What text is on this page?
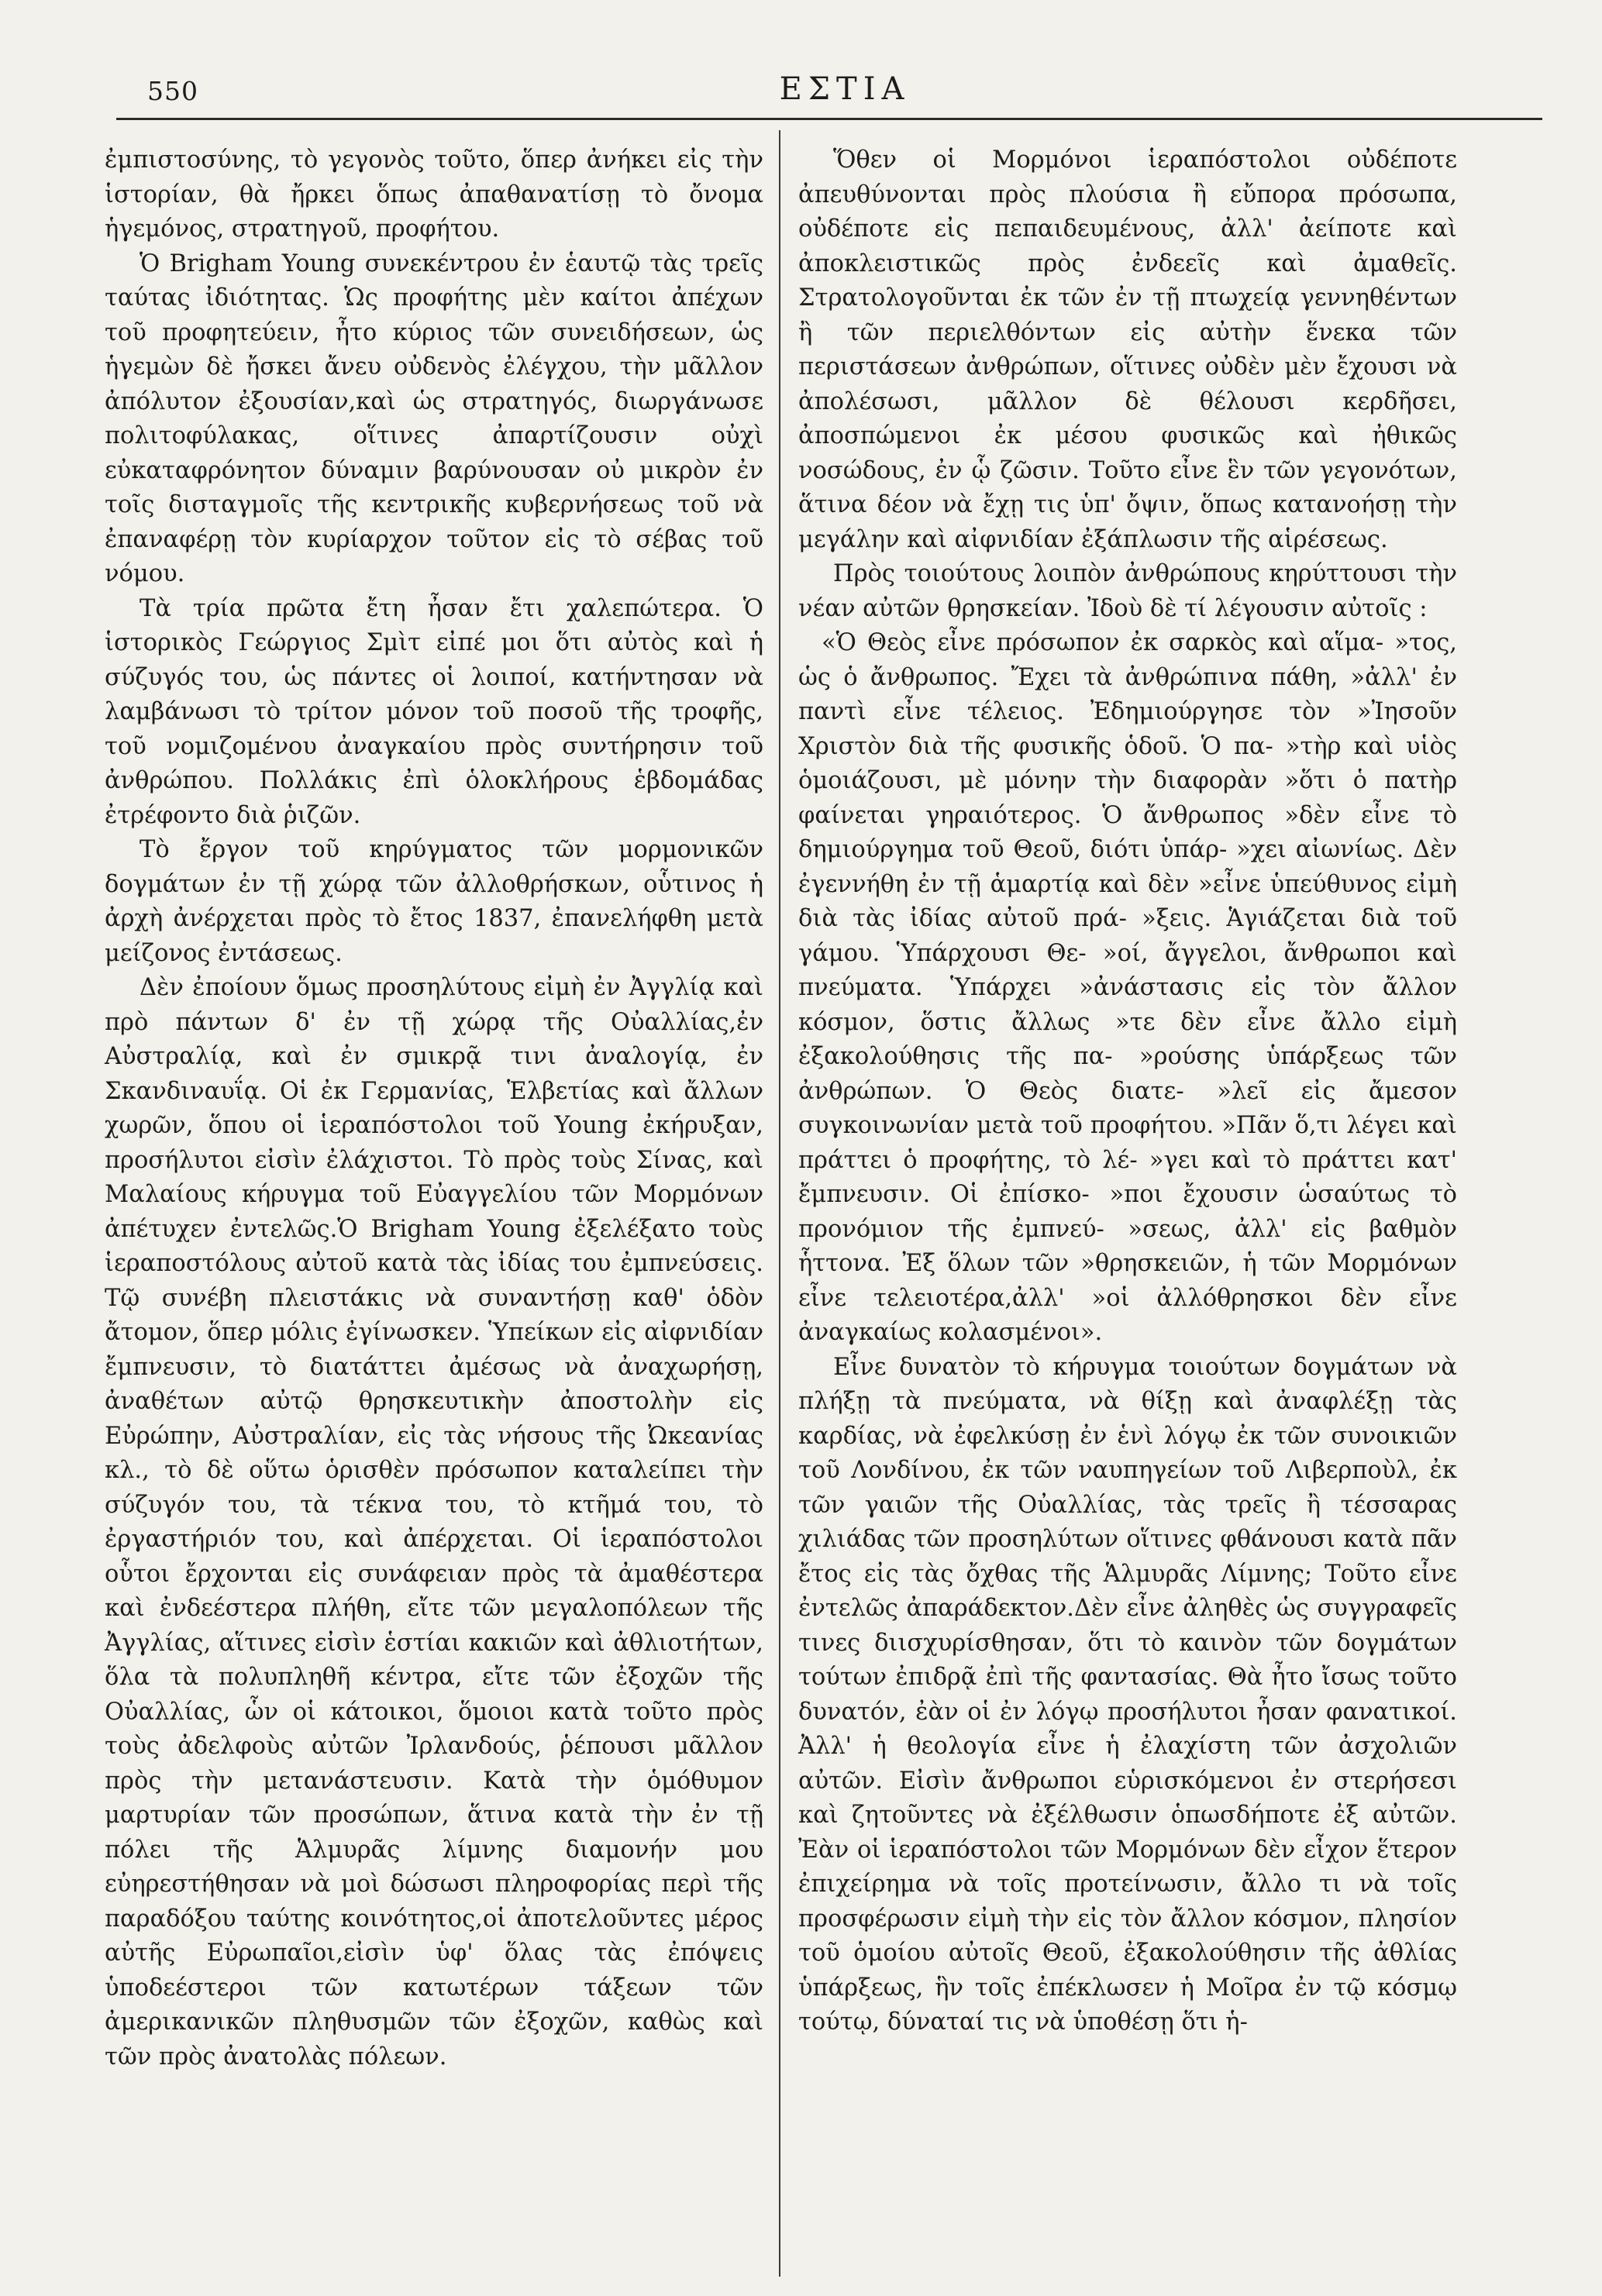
550	ΕΣΤΙΑ

ἐμπιστοσύνης, τὸ γεγονὸς τοῦτο, ὅπερ ἀνήκει εἰς τὴν ἱστορίαν, θὰ ἤρκει ὅπως ἀπαθανατίσῃ τὸ ὄνομα ἡγεμόνος, στρατηγοῦ, προφήτου.

Ὁ Brigham Young συνεκέντρου ἐν ἑαυτῷ τὰς τρεῖς ταύτας ἰδιότητας. Ὡς προφήτης μὲν καίτοι ἀπέχων τοῦ προφητεύειν, ἦτο κύριος τῶν συνειδήσεων, ὡς ἡγεμὼν δὲ ἤσκει ἄνευ οὐδενὸς ἐλέγχου, τὴν μᾶλλον ἀπόλυτον ἐξουσίαν,καὶ ὡς στρατηγός, διωργάνωσε πολιτοφύλακας, οἵτινες ἀπαρτίζουσιν οὐχὶ εὐκαταφρόνητον δύναμιν βαρύνουσαν οὐ μικρὸν ἐν τοῖς δισταγμοῖς τῆς κεντρικῆς κυβερνήσεως τοῦ νὰ ἐπαναφέρῃ τὸν κυρίαρχον τοῦτον εἰς τὸ σέβας τοῦ νόμου.

Τὰ τρία πρῶτα ἔτη ἦσαν ἔτι χαλεπώτερα. Ὁ ἱστορικὸς Γεώργιος Σμὶτ εἰπέ μοι ὅτι αὐτὸς καὶ ἡ σύζυγός του, ὡς πάντες οἱ λοιποί, κατήντησαν νὰ λαμβάνωσι τὸ τρίτον μόνον τοῦ ποσοῦ τῆς τροφῆς, τοῦ νομιζομένου ἀναγκαίου πρὸς συντήρησιν τοῦ ἀνθρώπου. Πολλάκις ἐπὶ ὁλοκλήρους ἑβδομάδας ἐτρέφοντο διὰ ῥιζῶν.

Τὸ ἔργον τοῦ κηρύγματος τῶν μορμονικῶν δογμάτων ἐν τῇ χώρᾳ τῶν ἀλλοθρήσκων, οὗτινος ἡ ἀρχὴ ἀνέρχεται πρὸς τὸ ἔτος 1837, ἐπανελήφθη μετὰ μείζονος ἐντάσεως.

Δὲν ἐποίουν ὅμως προσηλύτους εἰμὴ ἐν Ἀγγλίᾳ καὶ πρὸ πάντων δ' ἐν τῇ χώρᾳ τῆς Οὐαλλίας,ἐν Αὐστραλίᾳ, καὶ ἐν σμικρᾷ τινι ἀναλογίᾳ, ἐν Σκανδιναυΐᾳ. Οἱ ἐκ Γερμανίας, Ἑλβετίας καὶ ἄλλων χωρῶν, ὅπου οἱ ἱεραπόστολοι τοῦ Young ἐκήρυξαν, προσήλυτοι εἰσὶν ἐλάχιστοι. Τὸ πρὸς τοὺς Σίνας, καὶ Μαλαίους κήρυγμα τοῦ Εὐαγγελίου τῶν Μορμόνων ἀπέτυχεν ἐντελῶς.Ὁ Brigham Young ἐξελέξατο τοὺς ἱεραποστόλους αὐτοῦ κατὰ τὰς ἰδίας του ἐμπνεύσεις. Τῷ συνέβη πλειστάκις νὰ συναντήσῃ καθ' ὁδὸν ἄτομον, ὅπερ μόλις ἐγίνωσκεν. Ὑπείκων εἰς αἰφνιδίαν ἔμπνευσιν, τὸ διατάττει ἀμέσως νὰ ἀναχωρήσῃ, ἀναθέτων αὐτῷ θρησκευτικὴν ἀποστολὴν εἰς Εὐρώπην, Αὐστραλίαν, εἰς τὰς νήσους τῆς Ὠκεανίας κλ., τὸ δὲ οὕτω ὁρισθὲν πρόσωπον καταλείπει τὴν σύζυγόν του, τὰ τέκνα του, τὸ κτῆμά του, τὸ ἐργαστήριόν του, καὶ ἀπέρχεται. Οἱ ἱεραπόστολοι οὗτοι ἔρχονται εἰς συνάφειαν πρὸς τὰ ἀμαθέστερα καὶ ἐνδεέστερα πλήθη, εἴτε τῶν μεγαλοπόλεων τῆς Ἀγγλίας, αἵτινες εἰσὶν ἑστίαι κακιῶν καὶ ἀθλιοτήτων, ὅλα τὰ πολυπληθῆ κέντρα, εἴτε τῶν ἐξοχῶν τῆς Οὐαλλίας, ὧν οἱ κάτοικοι, ὅμοιοι κατὰ τοῦτο πρὸς τοὺς ἀδελφοὺς αὐτῶν Ἰρλανδούς, ῥέπουσι μᾶλλον πρὸς τὴν μετανάστευσιν. Κατὰ τὴν ὁμόθυμον μαρτυρίαν τῶν προσώπων, ἅτινα κατὰ τὴν ἐν τῇ πόλει τῆς Ἁλμυρᾶς λίμνης διαμονήν μου εὐηρεστήθησαν νὰ μοὶ δώσωσι πληροφορίας περὶ τῆς παραδόξου ταύτης κοινότητος,οἱ ἀποτελοῦντες μέρος αὐτῆς Εὐρωπαῖοι,εἰσὶν ὑφ' ὅλας τὰς ἐπόψεις ὑποδεέστεροι τῶν κατωτέρων τάξεων τῶν ἀμερικανικῶν πληθυσμῶν τῶν ἐξοχῶν, καθὼς καὶ τῶν πρὸς ἀνατολὰς πόλεων.

Ὅθεν οἱ Μορμόνοι ἱεραπόστολοι οὐδέποτε ἀπευθύνονται πρὸς πλούσια ἢ εὔπορα πρόσωπα, οὐδέποτε εἰς πεπαιδευμένους, ἀλλ' ἀείποτε καὶ ἀποκλειστικῶς πρὸς ἐνδεεῖς καὶ ἀμαθεῖς. Στρατολογοῦνται ἐκ τῶν ἐν τῇ πτωχείᾳ γεννηθέντων ἢ τῶν περιελθόντων εἰς αὐτὴν ἕνεκα τῶν περιστάσεων ἀνθρώπων, οἵτινες οὐδὲν μὲν ἔχουσι νὰ ἀπολέσωσι, μᾶλλον δὲ θέλουσι κερδῆσει, ἀποσπώμενοι ἐκ μέσου φυσικῶς καὶ ἠθικῶς νοσώδους, ἐν ᾧ ζῶσιν. Τοῦτο εἶνε ἓν τῶν γεγονότων, ἅτινα δέον νὰ ἔχῃ τις ὑπ' ὄψιν, ὅπως κατανοήσῃ τὴν μεγάλην καὶ αἰφνιδίαν ἐξάπλωσιν τῆς αἱρέσεως.

Πρὸς τοιούτους λοιπὸν ἀνθρώπους κηρύττουσι τὴν νέαν αὐτῶν θρησκείαν. Ἰδοὺ δὲ τί λέγουσιν αὐτοῖς :

«Ὁ Θεὸς εἶνε πρόσωπον ἐκ σαρκὸς καὶ αἵμα- »τος, ὡς ὁ ἄνθρωπος. Ἔχει τὰ ἀνθρώπινα πάθη, »ἀλλ' ἐν παντὶ εἶνε τέλειος. Ἐδημιούργησε τὸν »Ἰησοῦν Χριστὸν διὰ τῆς φυσικῆς ὁδοῦ. Ὁ πα- »τὴρ καὶ υἱὸς ὁμοιάζουσι, μὲ μόνην τὴν διαφορὰν »ὅτι ὁ πατὴρ φαίνεται γηραιότερος. Ὁ ἄνθρωπος »δὲν εἶνε τὸ δημιούργημα τοῦ Θεοῦ, διότι ὑπάρ- »χει αἰωνίως. Δὲν ἐγεννήθη ἐν τῇ ἁμαρτίᾳ καὶ δὲν »εἶνε ὑπεύθυνος εἰμὴ διὰ τὰς ἰδίας αὐτοῦ πρά- »ξεις. Ἁγιάζεται διὰ τοῦ γάμου. Ὑπάρχουσι Θε- »οί, ἄγγελοι, ἄνθρωποι καὶ πνεύματα. Ὑπάρχει »ἀνάστασις εἰς τὸν ἄλλον κόσμον, ὅστις ἄλλως »τε δὲν εἶνε ἄλλο εἰμὴ ἐξακολούθησις τῆς πα- »ρούσης ὑπάρξεως τῶν ἀνθρώπων. Ὁ Θεὸς διατε- »λεῖ εἰς ἄμεσον συγκοινωνίαν μετὰ τοῦ προφήτου. »Πᾶν ὅ,τι λέγει καὶ πράττει ὁ προφήτης, τὸ λέ- »γει καὶ τὸ πράττει κατ' ἔμπνευσιν. Οἱ ἐπίσκο- »ποι ἔχουσιν ὡσαύτως τὸ προνόμιον τῆς ἐμπνεύ- »σεως, ἀλλ' εἰς βαθμὸν ἧττονα. Ἐξ ὅλων τῶν »θρησκειῶν, ἡ τῶν Μορμόνων εἶνε τελειοτέρα,ἀλλ' »οἱ ἀλλόθρησκοι δὲν εἶνε ἀναγκαίως κολασμένοι».

Εἶνε δυνατὸν τὸ κήρυγμα τοιούτων δογμάτων νὰ πλήξῃ τὰ πνεύματα, νὰ θίξῃ καὶ ἀναφλέξῃ τὰς καρδίας, νὰ ἐφελκύσῃ ἐν ἑνὶ λόγῳ ἐκ τῶν συνοικιῶν τοῦ Λονδίνου, ἐκ τῶν ναυπηγείων τοῦ Λιβερποὺλ, ἐκ τῶν γαιῶν τῆς Οὐαλλίας, τὰς τρεῖς ἢ τέσσαρας χιλιάδας τῶν προσηλύτων οἵτινες φθάνουσι κατὰ πᾶν ἔτος εἰς τὰς ὄχθας τῆς Ἁλμυρᾶς Λίμνης; Τοῦτο εἶνε ἐντελῶς ἀπαράδεκτον.Δὲν εἶνε ἀληθὲς ὡς συγγραφεῖς τινες διισχυρίσθησαν, ὅτι τὸ καινὸν τῶν δογμάτων τούτων ἐπιδρᾷ ἐπὶ τῆς φαντασίας. Θὰ ἦτο ἴσως τοῦτο δυνατόν, ἐὰν οἱ ἐν λόγῳ προσήλυτοι ἦσαν φανατικοί. Ἀλλ' ἡ θεολογία εἶνε ἡ ἐλαχίστη τῶν ἀσχολιῶν αὐτῶν. Εἰσὶν ἄνθρωποι εὑρισκόμενοι ἐν στερήσεσι καὶ ζητοῦντες νὰ ἐξέλθωσιν ὁπωσδήποτε ἐξ αὐτῶν. Ἐὰν οἱ ἱεραπόστολοι τῶν Μορμόνων δὲν εἶχον ἕτερον ἐπιχείρημα νὰ τοῖς προτείνωσιν, ἄλλο τι νὰ τοῖς προσφέρωσιν εἰμὴ τὴν εἰς τὸν ἄλλον κόσμον, πλησίον τοῦ ὁμοίου αὐτοῖς Θεοῦ, ἐξακολούθησιν τῆς ἀθλίας ὑπάρξεως, ἣν τοῖς ἐπέκλωσεν ἡ Μοῖρα ἐν τῷ κόσμῳ τούτῳ, δύναταί τις νὰ ὑποθέσῃ ὅτι ἡ-
